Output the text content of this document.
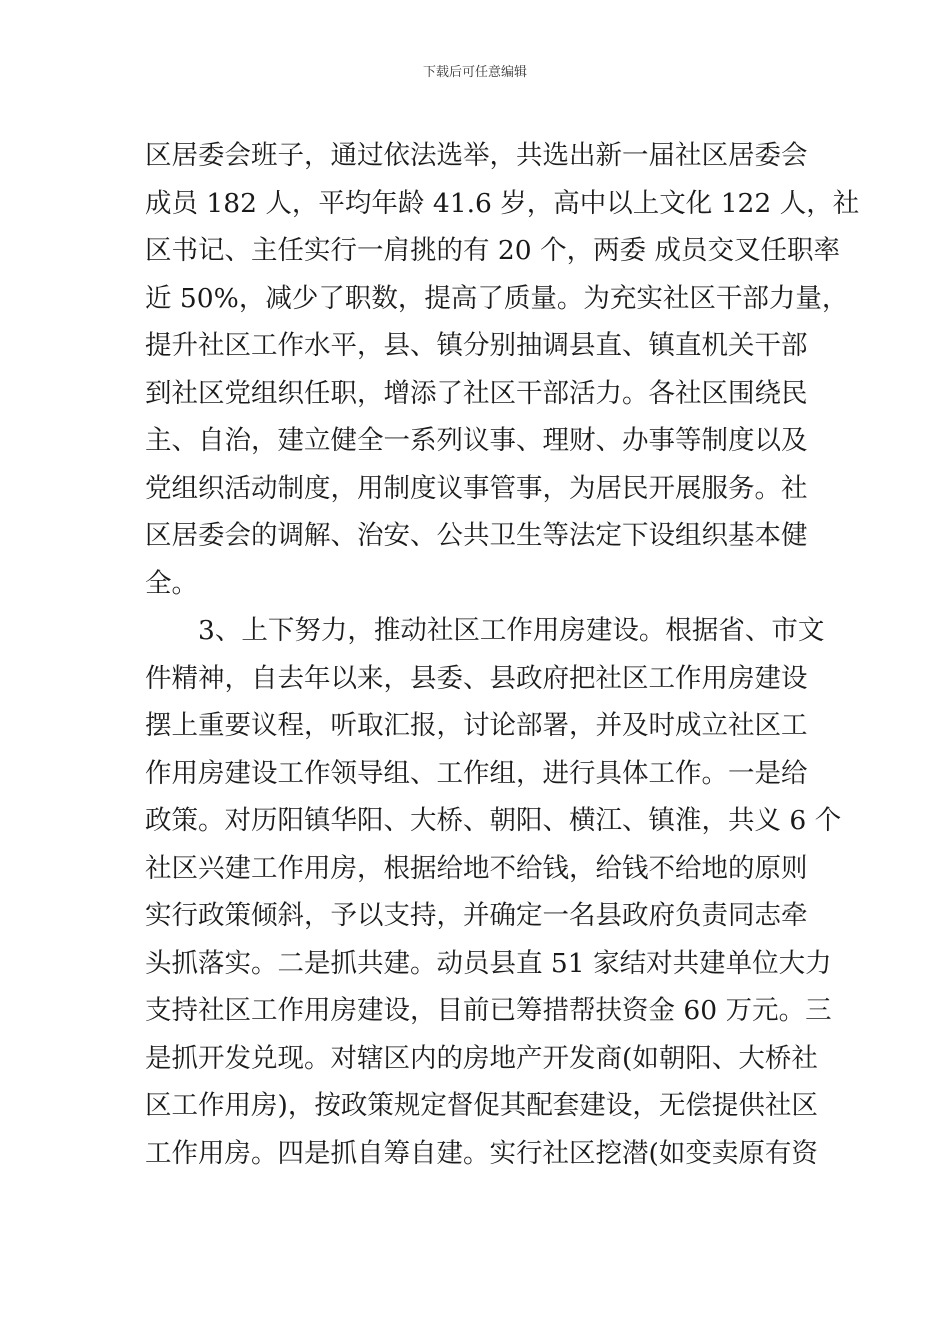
下载后可任意编辑
区居委会班子，通过依法选举，共选出新一届社区居委会
成员 182 人，平均年龄 41.6 岁，高中以上文化 122 人，社
区书记、主任实行一肩挑的有 20 个，两委 成员交叉任职率
近 50%，减少了职数，提高了质量。为充实社区干部力量，
提升社区工作水平，县、镇分别抽调县直、镇直机关干部
到社区党组织任职，增添了社区干部活力。各社区围绕民
主、自治，建立健全一系列议事、理财、办事等制度以及
党组织活动制度，用制度议事管事，为居民开展服务。社
区居委会的调解、治安、公共卫生等法定下设组织基本健
全。
　　3、上下努力，推动社区工作用房建设。根据省、市文
件精神，自去年以来，县委、县政府把社区工作用房建设
摆上重要议程，听取汇报，讨论部署，并及时成立社区工
作用房建设工作领导组、工作组，进行具体工作。一是给
政策。对历阳镇华阳、大桥、朝阳、横江、镇淮，共义 6 个
社区兴建工作用房，根据给地不给钱，给钱不给地的原则
实行政策倾斜，予以支持，并确定一名县政府负责同志牵
头抓落实。二是抓共建。动员县直 51 家结对共建单位大力
支持社区工作用房建设，目前已筹措帮扶资金 60 万元。三
是抓开发兑现。对辖区内的房地产开发商(如朝阳、大桥社
区工作用房)，按政策规定督促其配套建设，无偿提供社区
工作用房。四是抓自筹自建。实行社区挖潜(如变卖原有资
